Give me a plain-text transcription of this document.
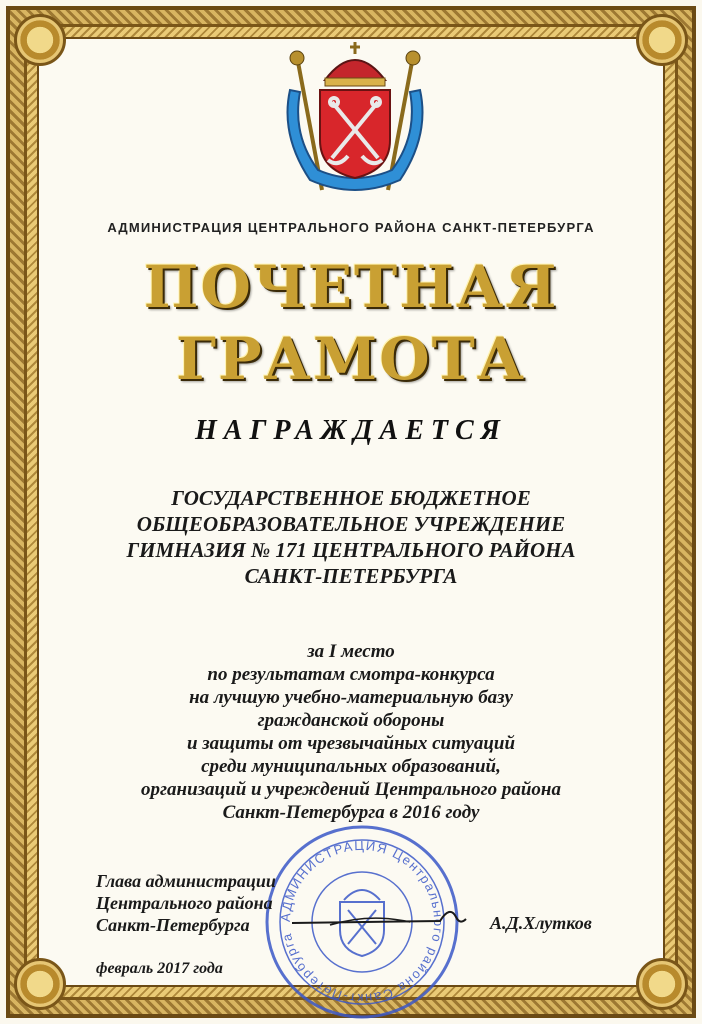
АДМИНИСТРАЦИЯ ЦЕНТРАЛЬНОГО РАЙОНА САНКТ-ПЕТЕРБУРГА
ПОЧЕТНАЯ
ГРАМОТА
НАГРАЖДАЕТСЯ
ГОСУДАРСТВЕННОЕ БЮДЖЕТНОЕ
ОБЩЕОБРАЗОВАТЕЛЬНОЕ УЧРЕЖДЕНИЕ
ГИМНАЗИЯ № 171 ЦЕНТРАЛЬНОГО РАЙОНА
САНКТ-ПЕТЕРБУРГА
за I место
по результатам смотра-конкурса
на лучшую учебно-материальную базу
гражданской обороны
и защиты от чрезвычайных ситуаций
среди муниципальных образований,
организаций и учреждений Центрального района
Санкт-Петербурга в 2016 году
АДМИНИСТРАЦИЯ Центрального района Санкт-Петербурга
Глава администрации
Центрального района
Санкт-Петербурга	А.Д.Хлутков
февраль 2017 года
